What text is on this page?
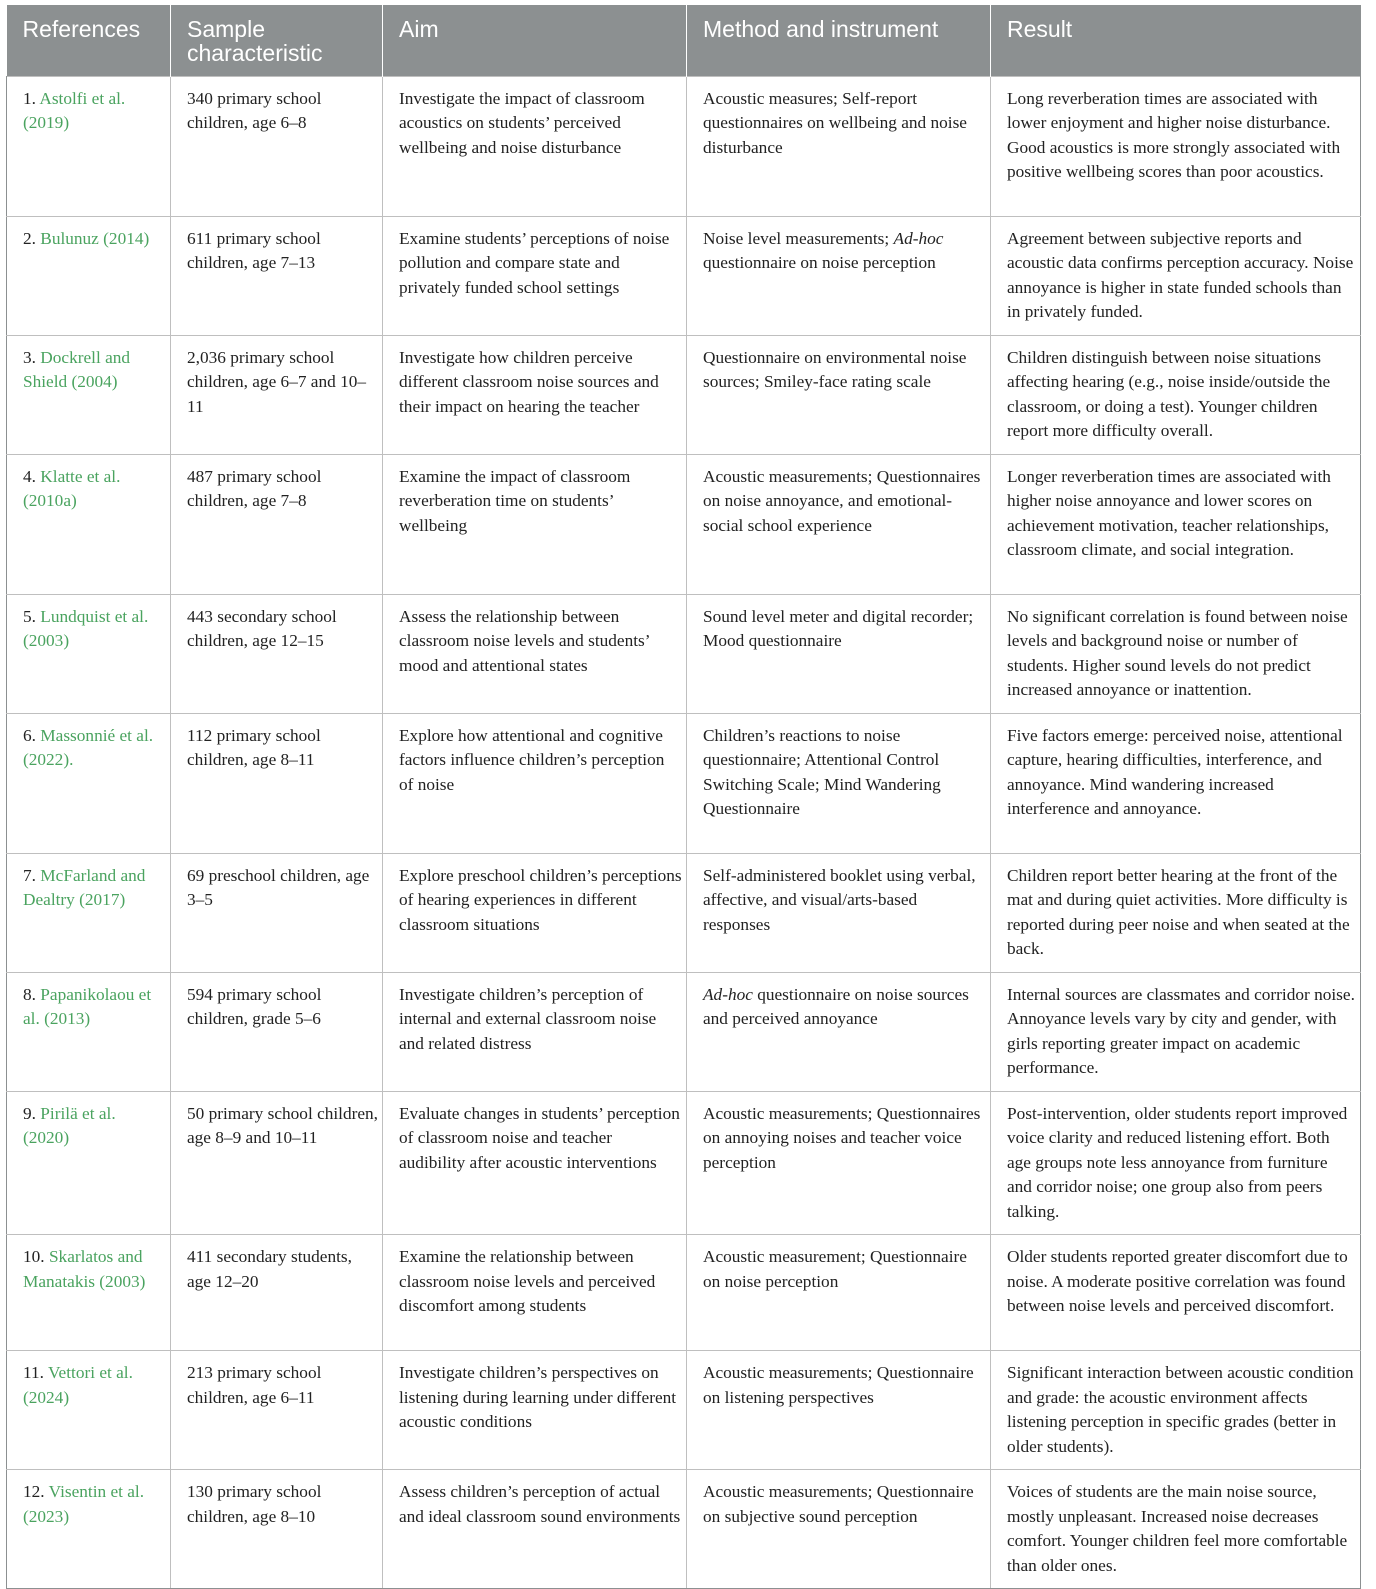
References	Sample characteristic	Aim	Method and instrument	Result
1. Astolfi et al. (2019)	340 primary school children, age 6–8	Investigate the impact of classroom acoustics on students’ perceived wellbeing and noise disturbance	Acoustic measures; Self-report questionnaires on wellbeing and noise disturbance	Long reverberation times are associated with lower enjoyment and higher noise disturbance. Good acoustics is more strongly associated with positive wellbeing scores than poor acoustics.
2. Bulunuz (2014)	611 primary school children, age 7–13	Examine students’ perceptions of noise pollution and compare state and privately funded school settings	Noise level measurements; Ad-hoc questionnaire on noise perception	Agreement between subjective reports and acoustic data confirms perception accuracy. Noise annoyance is higher in state funded schools than in privately funded.
3. Dockrell and Shield (2004)	2,036 primary school children, age 6–7 and 10–11	Investigate how children perceive different classroom noise sources and their impact on hearing the teacher	Questionnaire on environmental noise sources; Smiley-face rating scale	Children distinguish between noise situations affecting hearing (e.g., noise inside/outside the classroom, or doing a test). Younger children report more difficulty overall.
4. Klatte et al. (2010a)	487 primary school children, age 7–8	Examine the impact of classroom reverberation time on students’ wellbeing	Acoustic measurements; Questionnaires on noise annoyance, and emotional-social school experience	Longer reverberation times are associated with higher noise annoyance and lower scores on achievement motivation, teacher relationships, classroom climate, and social integration.
5. Lundquist et al. (2003)	443 secondary school children, age 12–15	Assess the relationship between classroom noise levels and students’ mood and attentional states	Sound level meter and digital recorder; Mood questionnaire	No significant correlation is found between noise levels and background noise or number of students. Higher sound levels do not predict increased annoyance or inattention.
6. Massonnié et al. (2022).	112 primary school children, age 8–11	Explore how attentional and cognitive factors influence children’s perception of noise	Children’s reactions to noise questionnaire; Attentional Control Switching Scale; Mind Wandering Questionnaire	Five factors emerge: perceived noise, attentional capture, hearing difficulties, interference, and annoyance. Mind wandering increased interference and annoyance.
7. McFarland and Dealtry (2017)	69 preschool children, age 3–5	Explore preschool children’s perceptions of hearing experiences in different classroom situations	Self-administered booklet using verbal, affective, and visual/arts-based responses	Children report better hearing at the front of the mat and during quiet activities. More difficulty is reported during peer noise and when seated at the back.
8. Papanikolaou et al. (2013)	594 primary school children, grade 5–6	Investigate children’s perception of internal and external classroom noise and related distress	Ad-hoc questionnaire on noise sources and perceived annoyance	Internal sources are classmates and corridor noise. Annoyance levels vary by city and gender, with girls reporting greater impact on academic performance.
9. Pirilä et al. (2020)	50 primary school children, age 8–9 and 10–11	Evaluate changes in students’ perception of classroom noise and teacher audibility after acoustic interventions	Acoustic measurements; Questionnaires on annoying noises and teacher voice perception	Post-intervention, older students report improved voice clarity and reduced listening effort. Both age groups note less annoyance from furniture and corridor noise; one group also from peers talking.
10. Skarlatos and Manatakis (2003)	411 secondary students, age 12–20	Examine the relationship between classroom noise levels and perceived discomfort among students	Acoustic measurement; Questionnaire on noise perception	Older students reported greater discomfort due to noise. A moderate positive correlation was found between noise levels and perceived discomfort.
11. Vettori et al. (2024)	213 primary school children, age 6–11	Investigate children’s perspectives on listening during learning under different acoustic conditions	Acoustic measurements; Questionnaire on listening perspectives	Significant interaction between acoustic condition and grade: the acoustic environment affects listening perception in specific grades (better in older students).
12. Visentin et al. (2023)	130 primary school children, age 8–10	Assess children’s perception of actual and ideal classroom sound environments	Acoustic measurements; Questionnaire on subjective sound perception	Voices of students are the main noise source, mostly unpleasant. Increased noise decreases comfort. Younger children feel more comfortable than older ones.
